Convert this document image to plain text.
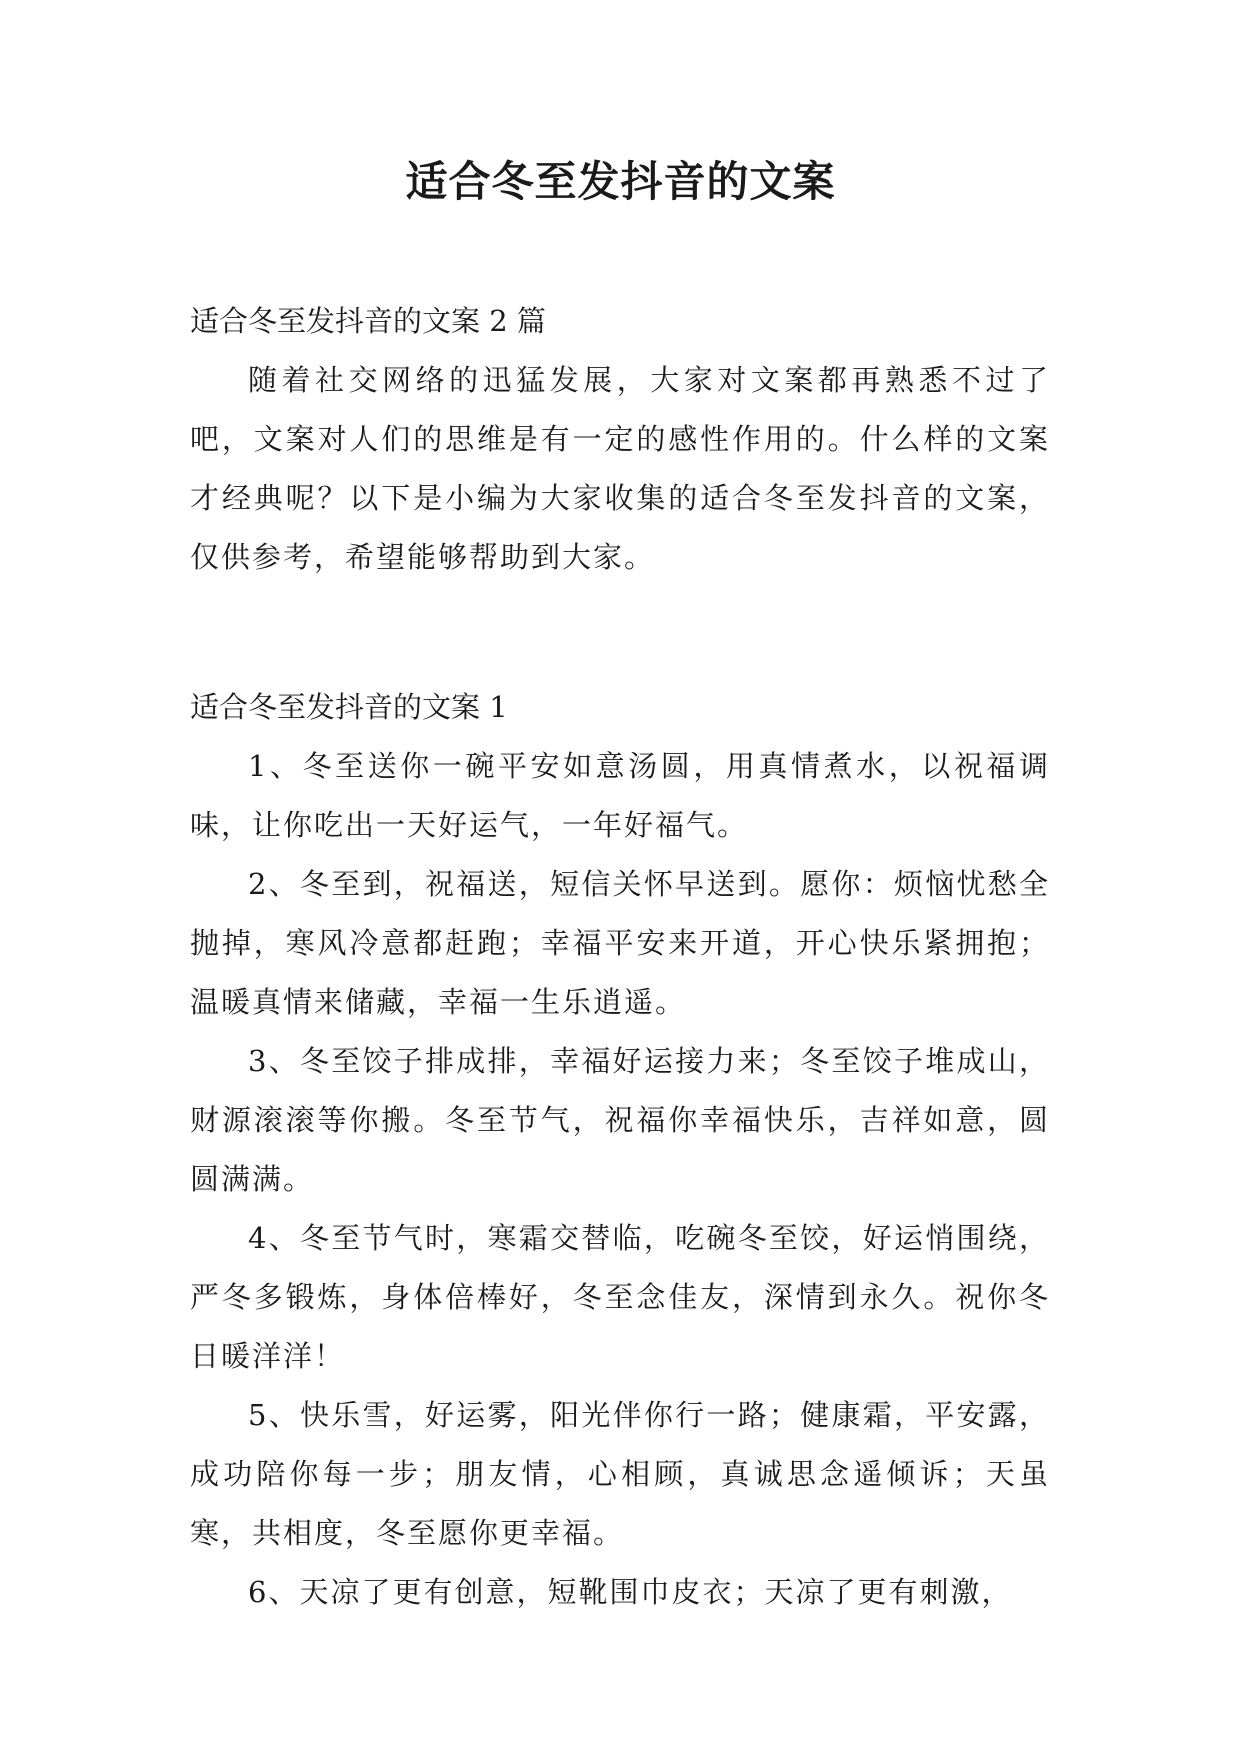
适合冬至发抖音的文案

适合冬至发抖音的文案 2 篇

随着社交网络的迅猛发展，大家对文案都再熟悉不过了吧，文案对人们的思维是有一定的感性作用的。什么样的文案才经典呢？以下是小编为大家收集的适合冬至发抖音的文案，仅供参考，希望能够帮助到大家。

适合冬至发抖音的文案 1

1、冬至送你一碗平安如意汤圆，用真情煮水，以祝福调味，让你吃出一天好运气，一年好福气。

2、冬至到，祝福送，短信关怀早送到。愿你：烦恼忧愁全抛掉，寒风冷意都赶跑；幸福平安来开道，开心快乐紧拥抱；温暖真情来储藏，幸福一生乐逍遥。

3、冬至饺子排成排，幸福好运接力来；冬至饺子堆成山，财源滚滚等你搬。冬至节气，祝福你幸福快乐，吉祥如意，圆圆满满。

4、冬至节气时，寒霜交替临，吃碗冬至饺，好运悄围绕，严冬多锻炼，身体倍棒好，冬至念佳友，深情到永久。祝你冬日暖洋洋！

5、快乐雪，好运雾，阳光伴你行一路；健康霜，平安露，成功陪你每一步；朋友情，心相顾，真诚思念遥倾诉；天虽寒，共相度，冬至愿你更幸福。

6、天凉了更有创意，短靴围巾皮衣；天凉了更有刺激，
